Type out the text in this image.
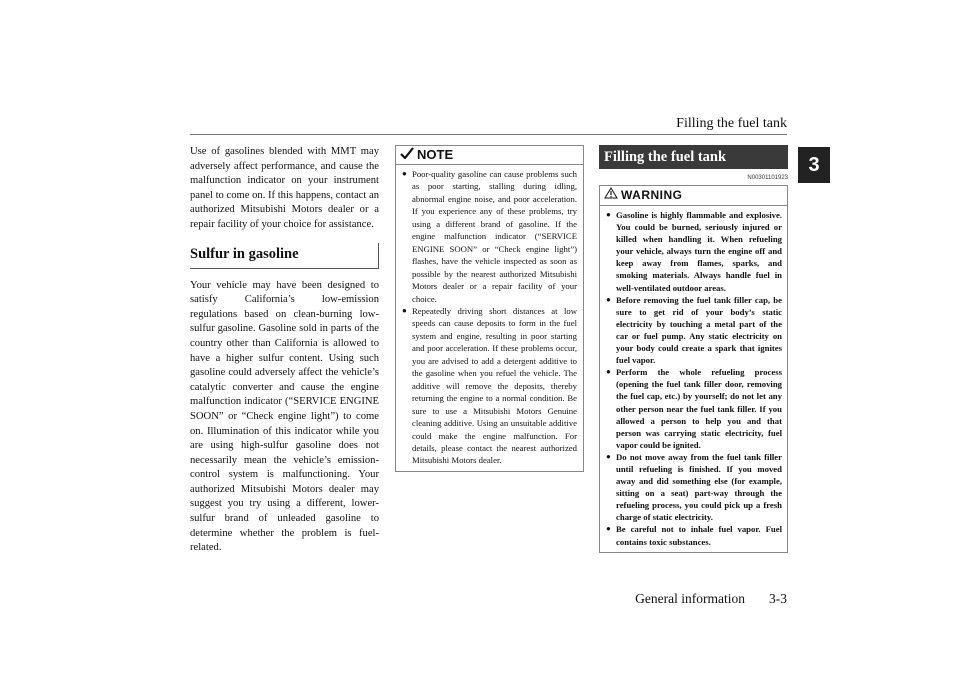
Filling the fuel tank
3

Use of gasolines blended with MMT may adversely affect performance, and cause the malfunction indicator on your instrument panel to come on. If this happens, contact an authorized Mitsubishi Motors dealer or a repair facility of your choice for assistance.

Sulfur in gasoline

Your vehicle may have been designed to satisfy California’s low-emission regulations based on clean-burning low-sulfur gasoline. Gasoline sold in parts of the country other than California is allowed to have a higher sulfur content. Using such gasoline could adversely affect the vehicle’s catalytic converter and cause the engine malfunction indicator (“SERVICE ENGINE SOON” or “Check engine light”) to come on. Illumination of this indicator while you are using high-sulfur gasoline does not necessarily mean the vehicle’s emission-control system is malfunctioning. Your authorized Mitsubishi Motors dealer may suggest you try using a different, lower-sulfur brand of unleaded gasoline to determine whether the problem is fuel-related.

NOTE

● Poor-quality gasoline can cause problems such as poor starting, stalling during idling, abnormal engine noise, and poor acceleration. If you experience any of these problems, try using a different brand of gasoline. If the engine malfunction indicator (“SERVICE ENGINE SOON” or “Check engine light”) flashes, have the vehicle inspected as soon as possible by the nearest authorized Mitsubishi Motors dealer or a repair facility of your choice.

● Repeatedly driving short distances at low speeds can cause deposits to form in the fuel system and engine, resulting in poor starting and poor acceleration. If these problems occur, you are advised to add a detergent additive to the gasoline when you refuel the vehicle. The additive will remove the deposits, thereby returning the engine to a normal condition. Be sure to use a Mitsubishi Motors Genuine cleaning additive. Using an unsuitable additive could make the engine malfunction. For details, please contact the nearest authorized Mitsubishi Motors dealer.

Filling the fuel tank
N00301101923
WARNING

● Gasoline is highly flammable and explosive. You could be burned, seriously injured or killed when handling it. When refueling your vehicle, always turn the engine off and keep away from flames, sparks, and smoking materials. Always handle fuel in well-ventilated outdoor areas.

● Before removing the fuel tank filler cap, be sure to get rid of your body’s static electricity by touching a metal part of the car or fuel pump. Any static electricity on your body could create a spark that ignites fuel vapor.

● Perform the whole refueling process (opening the fuel tank filler door, removing the fuel cap, etc.) by yourself; do not let any other person near the fuel tank filler. If you allowed a person to help you and that person was carrying static electricity, fuel vapor could be ignited.

● Do not move away from the fuel tank filler until refueling is finished. If you moved away and did something else (for example, sitting on a seat) part-way through the refueling process, you could pick up a fresh charge of static electricity.

● Be careful not to inhale fuel vapor. Fuel contains toxic substances.

General information 3-3
